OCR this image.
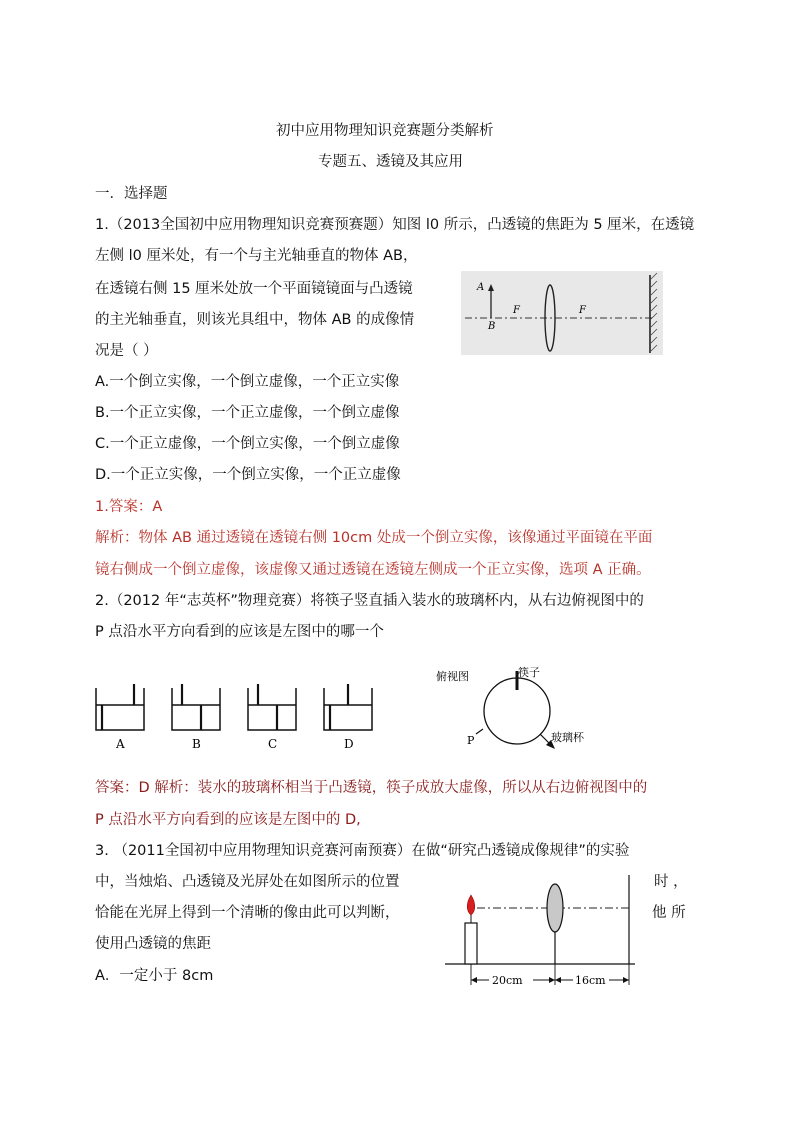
初中应用物理知识竞赛题分类解析
专题五、透镜及其应用
一．选择题
1.（2013全国初中应用物理知识竞赛预赛题）知图 l0 所示，凸透镜的焦距为 5 厘米，在透镜
左侧 l0 厘米处，有一个与主光轴垂直的物体 AB，
在透镜右侧 15 厘米处放一个平面镜镜面与凸透镜
的主光轴垂直，则该光具组中，物体 AB 的成像情
况是（ ）
A
B
F	F
A.一个倒立实像，一个倒立虚像，一个正立实像
B.一个正立实像，一个正立虚像，一个倒立虚像
C.一个正立虚像，一个倒立实像，一个倒立虚像
D.一个正立实像，一个倒立实像，一个正立虚像
1.答案：A
解析：物体 AB 通过透镜在透镜右侧 10cm 处成一个倒立实像，该像通过平面镜在平面
镜右侧成一个倒立虚像，该虚像又通过透镜在透镜左侧成一个正立实像，选项 A 正确。
2.（2012 年“志英杯”物理竞赛）将筷子竖直插入装水的玻璃杯内，从右边俯视图中的
P 点沿水平方向看到的应该是左图中的哪一个
A	B	C	D
俯视图	筷子
玻璃杯
P
答案：D 解析：装水的玻璃杯相当于凸透镜，筷子成放大虚像，所以从右边俯视图中的
P 点沿水平方向看到的应该是左图中的 D,
3. （2011全国初中应用物理知识竞赛河南预赛）在做“研究凸透镜成像规律”的实验
中，当烛焰、凸透镜及光屏处在如图所示的位置	时 ，
恰能在光屏上得到一个清晰的像由此可以判断，	他 所
使用凸透镜的焦距
A．一定小于 8cm	20cm	16cm
